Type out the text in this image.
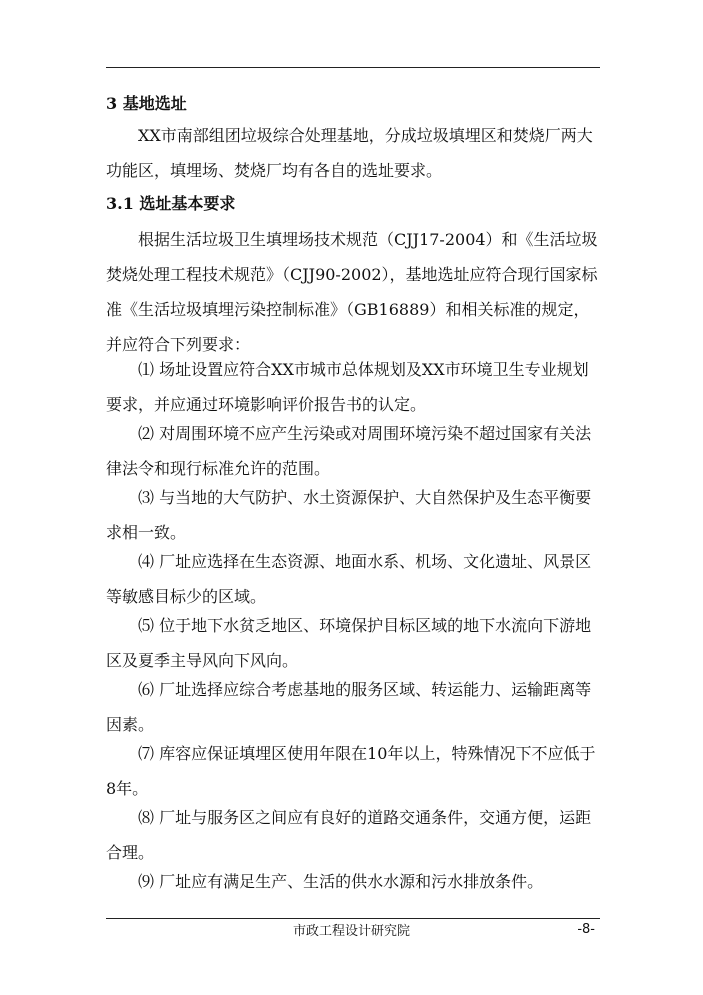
3 基地选址

XX市南部组团垃圾综合处理基地，分成垃圾填埋区和焚烧厂两大功能区，填埋场、焚烧厂均有各自的选址要求。

3.1 选址基本要求

根据生活垃圾卫生填埋场技术规范（CJJ17-2004）和《生活垃圾焚烧处理工程技术规范》（CJJ90-2002），基地选址应符合现行国家标准《生活垃圾填埋污染控制标准》（GB16889）和相关标准的规定，并应符合下列要求：

⑴ 场址设置应符合XX市城市总体规划及XX市环境卫生专业规划要求，并应通过环境影响评价报告书的认定。

⑵ 对周围环境不应产生污染或对周围环境污染不超过国家有关法律法令和现行标准允许的范围。

⑶ 与当地的大气防护、水土资源保护、大自然保护及生态平衡要求相一致。

⑷ 厂址应选择在生态资源、地面水系、机场、文化遗址、风景区等敏感目标少的区域。

⑸ 位于地下水贫乏地区、环境保护目标区域的地下水流向下游地区及夏季主导风向下风向。

⑹ 厂址选择应综合考虑基地的服务区域、转运能力、运输距离等因素。

⑺ 库容应保证填埋区使用年限在10年以上，特殊情况下不应低于8年。

⑻ 厂址与服务区之间应有良好的道路交通条件，交通方便，运距合理。

⑼ 厂址应有满足生产、生活的供水水源和污水排放条件。

市政工程设计研究院	-8-
